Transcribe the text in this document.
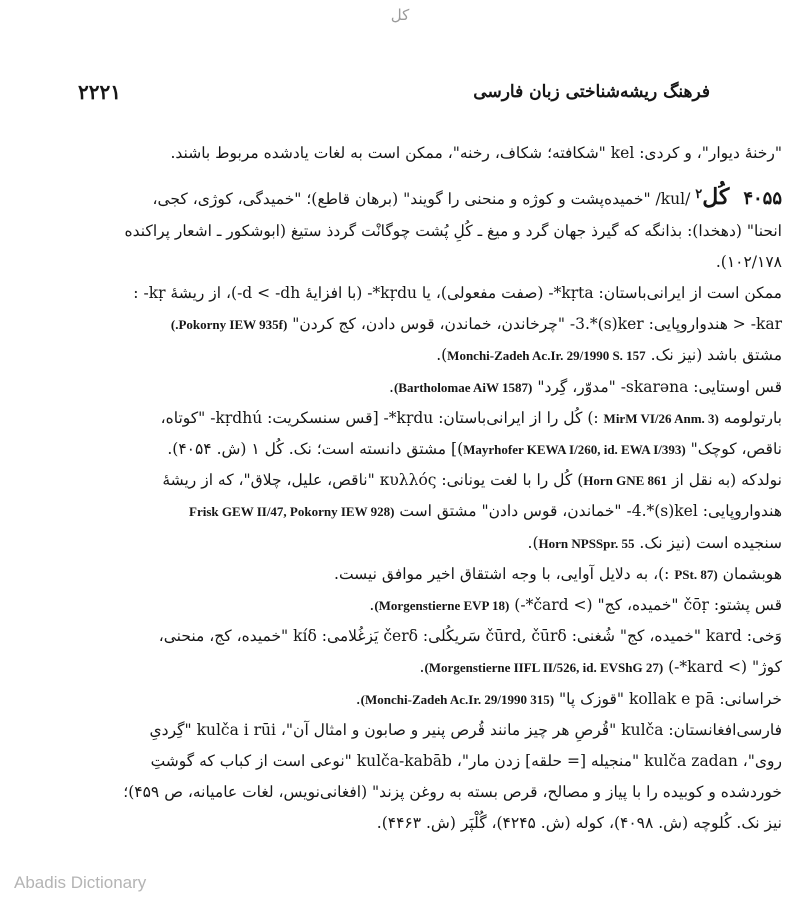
کل
۲۲۲۱	فرهنگ ریشه‌شناختی زبان فارسی

"رخنهٔ دیوار"، و کردی: kel "شکافته؛ شکاف، رخنه"، ممکن است به لغات یادشده مربوط باشند.

۴۰۵۵کُل$^۲$ /kul/ "خمیده‌پشت و کوژه و منحنی را گویند" (برهان قاطع)؛ "خمیدگی، کوژی، کجی،

انحنا" (دهخدا): بذانگه که گیرذ جهان گرد و میغ ـ کُلِ پُشت چوگانْت گردذ ستیغ (ابوشکور ـ اشعار پراکنده

۱۰۲/۱۷۸).

ممکن است از ایرانی‌باستان: ‎*kṛta-‏ (صفت مفعولی)، یا ‎*kṛdu-‏ (با افزایهٔ ‎-d < -dh‏)، از ریشهٔ ‎kṛ-‏ :

‎-kar‏ < هندواروپایی: ‎-3.*(s)ker‏ "چرخاندن، خماندن، قوس دادن، کج کردن" (Pokorny IEW 935f.)

مشتق باشد (نیز نک. Monchi-Zadeh Ac.Ir. 29/1990 S. 157).

قس اوستایی: ‎-skarəna‏ "مدوّر، گِرد" (Bartholomae AiW 1587).

بارتولومه (MirM VI/26 Anm. 3 :) کُل را از ایرانی‌باستان: ‎*kṛdu-‏ [قس سنسکریت: ‎kṛdhú-‏ "کوتاه،

ناقص، کوچک" (Mayrhofer KEWA I/260, id. EWA I/393)] مشتق دانسته است؛ نک. کُل ۱ (ش. ۴۰۵۴).

نولدکه (به نقل از Horn GNE 861) کُل را با لغت یونانی: κυλλός "ناقص، علیل، چلاق"، که از ریشهٔ

هندواروپایی: ‎-4.*(s)kel‏ "خماندن، قوس دادن" مشتق است (Frisk GEW II/47, Pokorny IEW 928

سنجیده است (نیز نک. Horn NPSSpr. 55).

هوبشمان (PSt. 87 :)، به دلایل آوایی، با وجه اشتقاق اخیر موافق نیست.

قس پشتو: čōṛ "خمیده، کج" (> ‎*čard-‏) (Morgenstierne EVP 18).

وَخی: kard "خمیده، کج" شُغنی: čūrd, čūrδ سَریکُلی: čerδ یَزغُلامی: kíδ "خمیده، کج، منحنی،

کوژ" (> ‎*kard-‏) (Morgenstierne IIFL II/526, id. EVShG 27).

خراسانی: kollak e pā "قوزک پا" (Monchi-Zadeh Ac.Ir. 29/1990 315).

فارسی‌افغانستان: kulča "قُرصِ هر چیز مانند قُرص پنیر و صابون و امثال آن"، kulča i rūi "گِردیِ

روی"، kulča zadan "منجیله [= حلقه] زدن مار"، kulča-kabāb "نوعی است از کباب که گوشتِ

خوردشده و کوبیده را با پیاز و مصالح، قرص بسته به روغن پزند" (افغانی‌نویس، لغات عامیانه، ص ۴۵۹)؛

نیز نک. کُلوچه (ش. ۴۰۹۸)، کوله (ش. ۴۲۴۵)، گُلْپَر (ش. ۴۴۶۳).

Abadis Dictionary
